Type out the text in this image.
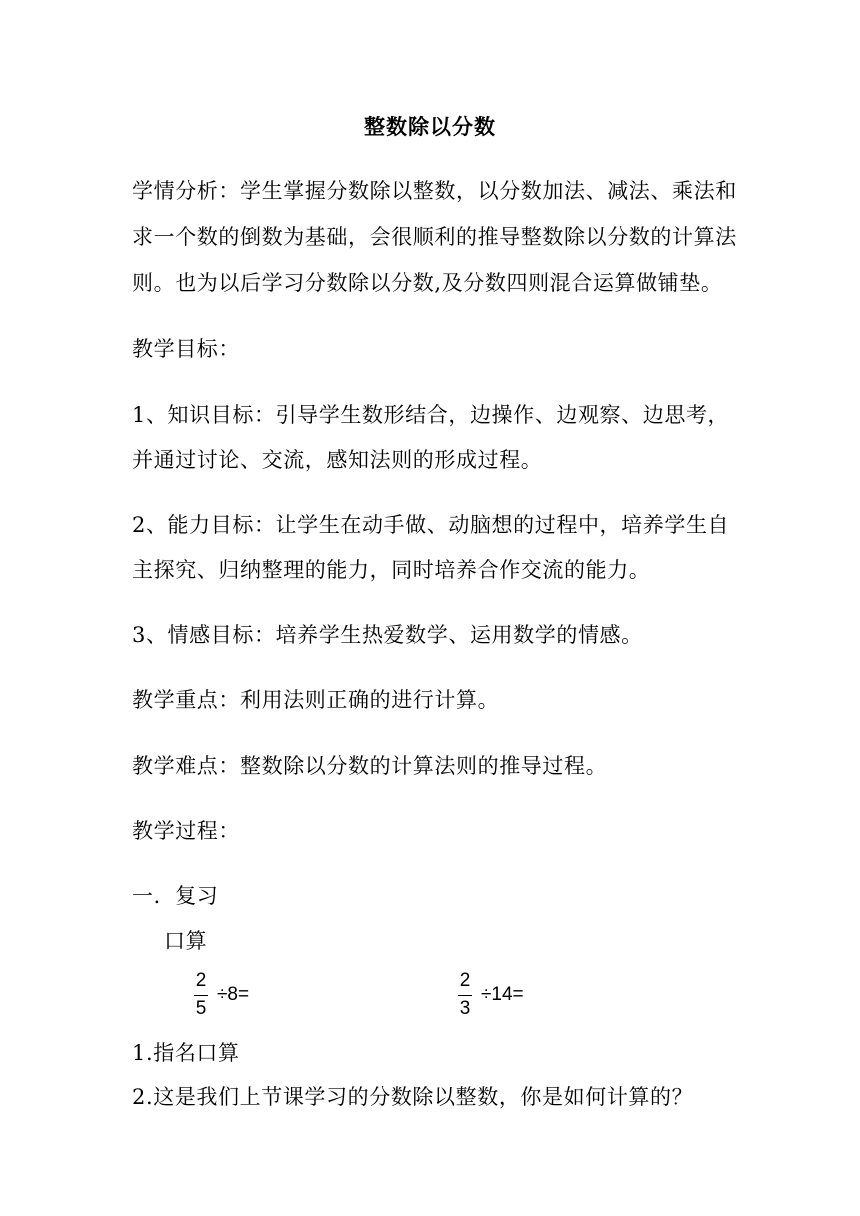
整数除以分数
学情分析：学生掌握分数除以整数，以分数加法、减法、乘法和
求一个数的倒数为基础，会很顺利的推导整数除以分数的计算法
则。也为以后学习分数除以分数,及分数四则混合运算做铺垫。
教学目标：
1、知识目标：引导学生数形结合，边操作、边观察、边思考，
并通过讨论、交流，感知法则的形成过程。
2、能力目标：让学生在动手做、动脑想的过程中，培养学生自
主探究、归纳整理的能力，同时培养合作交流的能力。
3、情感目标：培养学生热爱数学、运用数学的情感。
教学重点：利用法则正确的进行计算。
教学难点：整数除以分数的计算法则的推导过程。
教学过程：
一．复习
口算
2
5
÷8=
2
3
÷14=
1.指名口算
2.这是我们上节课学习的分数除以整数，你是如何计算的？
